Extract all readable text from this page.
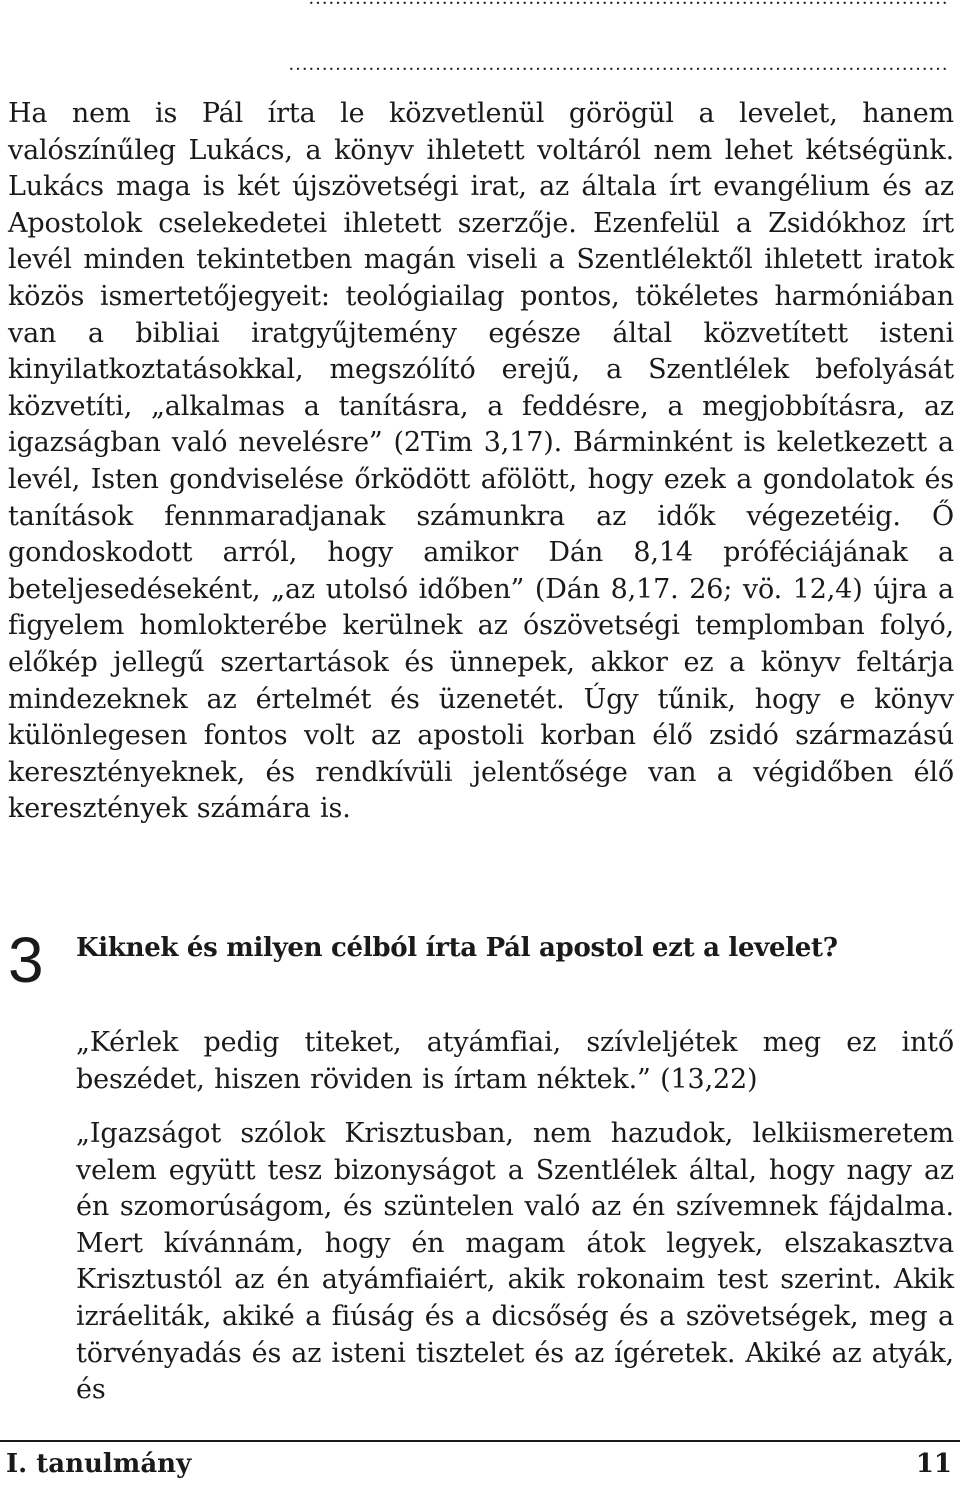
………………………………………………………………………………………

Ha nem is Pál írta le közvetlenül görögül a levelet, hanem valószínűleg Lukács, a könyv ihletett voltáról nem lehet kétségünk. Lukács maga is két újszövetségi irat, az általa írt evangélium és az Apostolok cselekedetei ihletett szerzője. Ezenfelül a Zsidókhoz írt levél minden tekintetben magán viseli a Szentlélektől ihletett iratok közös ismertetőjegyeit: teológiailag pontos, tökéletes harmóniában van a bibliai iratgyűjtemény egésze által közvetített isteni kinyilatkoztatásokkal, megszólító erejű, a Szentlélek befolyását közvetíti, „alkalmas a tanításra, a feddésre, a megjobbításra, az igazságban való nevelésre” (2Tim 3,17). Bárminként is keletkezett a levél, Isten gondviselése őrködött afölött, hogy ezek a gondolatok és tanítások fennmaradjanak számunkra az idők végezetéig. Ő gondoskodott arról, hogy amikor Dán 8,14 próféciájának a beteljesedéseként, „az utolsó időben” (Dán 8,17. 26; vö. 12,4) újra a figyelem homlokterébe kerülnek az ószövetségi templomban folyó, előkép jellegű szertartások és ünnepek, akkor ez a könyv feltárja mindezeknek az értelmét és üzenetét. Úgy tűnik, hogy e könyv különlegesen fontos volt az apostoli korban élő zsidó származású keresztényeknek, és rendkívüli jelentősége van a végidőben élő keresztények számára is.

3 Kiknek és milyen célból írta Pál apostol ezt a levelet?

„Kérlek pedig titeket, atyámfiai, szívleljétek meg ez intő beszédet, hiszen röviden is írtam néktek.” (13,22)

„Igazságot szólok Krisztusban, nem hazudok, lelkiismeretem velem együtt tesz bizonyságot a Szentlélek által, hogy nagy az én szomorúságom, és szüntelen való az én szívemnek fájdalma. Mert kívánnám, hogy én magam átok legyek, elszakasztva Krisztustól az én atyámfiaiért, akik rokonaim test szerint. Akik izráeliták, akiké a fiúság és a dicsőség és a szövetségek, meg a törvényadás és az isteni tisztelet és az ígéretek. Akiké az atyák, és

I. tanulmány	11
